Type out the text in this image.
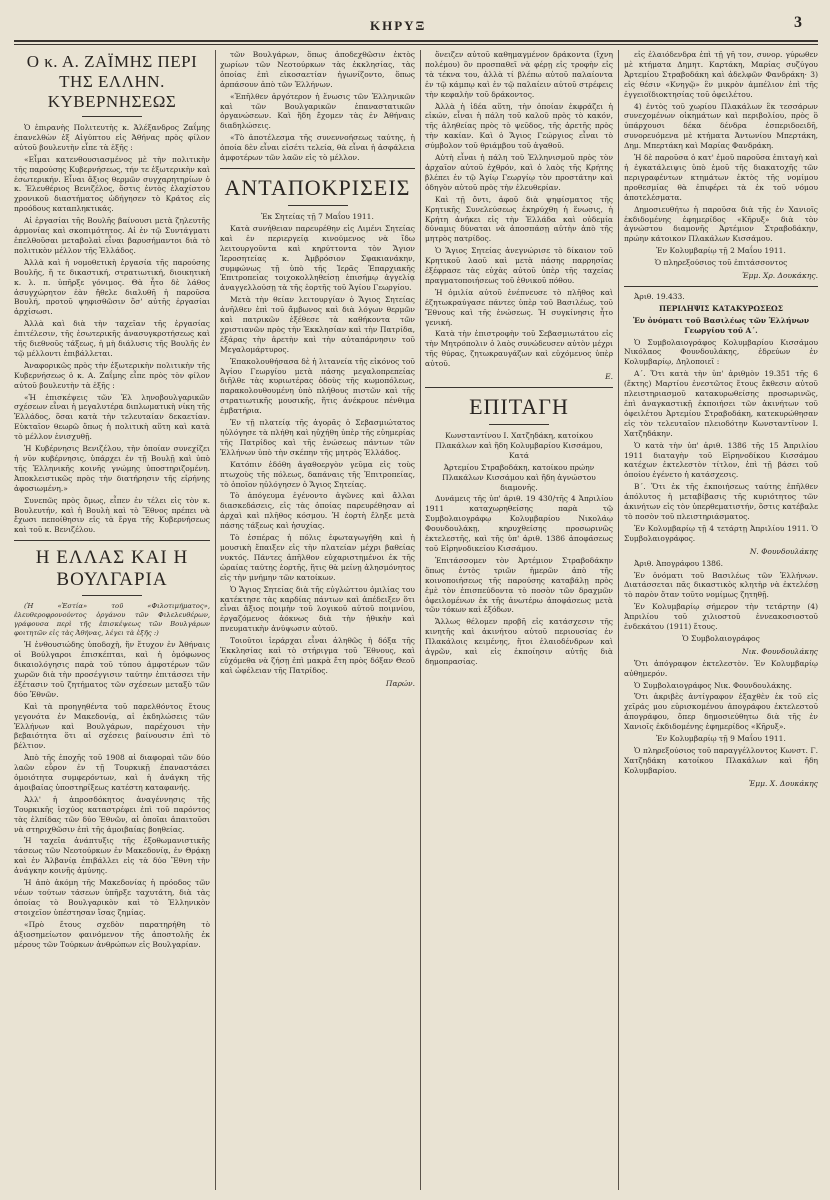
ΚΗΡΥΞ	3
Ο κ. Α. ΖΑΪΜΗΣ ΠΕΡΙ ΤΗΣ ΕΛΛΗΝ. ΚΥΒΕΡΝΗΣΕΩΣ

Ὁ ἐπιρανὴς Πολιτευτὴς κ. Ἀλέξανδρος Ζαΐμης ἐπανελθὼν ἐξ Αἰγύπτου εἰς Ἀθήνας πρὸς φίλον αὐτοῦ βουλευτὴν εἶπε τὰ ἑξῆς :

«Εἶμαι κατενθουσιασμένος μὲ τὴν πολιτικὴν τῆς παρούσης Κυβερνήσεως, τήν τε ἐξωτερικὴν καὶ ἐσωτερικήν. Εἶναι ἄξιος θερμῶν συγχαρητηρίων ὁ κ. Ἐλευθέριος Βενιζέλος, ὅστις ἐντὸς ἐλαχίστου χρονικοῦ διαστήματος ὡδήγησεν τὸ Κράτος εἰς προόδους καταπληκτικάς.

Αἱ ἐργασίαι τῆς Βουλῆς βαίνουσι μετὰ ζηλευτῆς ἁρμονίας καὶ σκοπιμότητος. Αἱ ἐν τῷ Συντάγματι ἐπελθοῦσαι μεταβολαὶ εἶναι βαρυσήμαντοι διὰ τὸ πολιτικὸν μέλλον τῆς Ἑλλάδος.

Ἀλλὰ καὶ ἡ νομοθετικὴ ἐργασία τῆς παρούσης Βουλῆς, ἥ τε δικαστική, στρατιωτική, διοικητικὴ κ. λ. π. ὑπῆρξε γόνιμος. Θὰ ἦτο δὲ λάθος ἀσυγχώρητον ἐὰν ἤθελε διαλυθῆ ἡ παροῦσα Βουλή, προτοῦ ψηφισθῶσιν ὅσ' αὐτῆς ἐργασίαι ἀρχίσωσι.

Ἀλλὰ καὶ διὰ τὴν ταχεῖαν τῆς ἐργασίας ἐπιτέλεσιν, τῆς ἐσωτερικῆς ἀνασυγκροτήσεως καὶ τῆς διεθνοῦς τάξεως, ἡ μὴ διάλυσις τῆς Βουλῆς ἐν τῷ μέλλοντι ἐπιβάλλεται.

Ἀναφορικῶς πρὸς τὴν ἐξωτερικὴν πολιτικὴν τῆς Κυβερνήσεως ὁ κ. Α. Ζαΐμης εἶπε πρὸς τὸν φίλον αὐτοῦ βουλευτὴν τὰ ἑξῆς :

«Ἡ ἐπισκέψεις τῶν Ἑλ ληνοβουλγαρικῶν σχέσεων εἶναι ἡ μεγαλυτέρα διπλωματικὴ νίκη τῆς Ἑλλάδος, ὅσαι κατὰ τὴν τελευταίαν δεκαετίαν. Εὐκταῖον θεωρῶ ὅπως ἡ πολιτικὴ αὕτη καὶ κατὰ τὸ μέλλον ἐνισχυθῇ.

Ἡ Κυβέρνησις Βενιζέλου, τὴν ὁποίαν συνεχίζει ἡ νῦν κυβέρνησις, ὑπάρχει ἐν τῇ Βουλῇ καὶ ὑπὸ τῆς Ἐλληνικῆς κοινῆς γνώμης ὑποστηριζομένη. Ἀποκλειστικῶς πρὸς τὴν διατήρησιν τῆς εἰρήνης ἀφοσιωμένη.»

Συνεπῶς πρὸς ὅμως, εἶπεν ἐν τέλει εἰς τὸν κ. Βουλευτήν, καὶ ἡ Βουλὴ καὶ τὸ Ἔθνος πρέπει νὰ ἔχωσι πεποίθησιν εἰς τὰ ἔργα τῆς Κυβερνήσεως καὶ τοῦ κ. Βενιζέλου.

Η ΕΛΛΑΣ ΚΑΙ Η ΒΟΥΛΓΑΡΙΑ

(Ἡ «Ἑστία» τοῦ «Φιλοτιμήματος», ἐλευθεροφρονούντος ὀργάνου τῶν Φιλελευθέρων, γράφουσα περὶ τῆς ἐπισκέψεως τῶν Βουλγάρων φοιτητῶν εἰς τὰς Ἀθήνας, λέγει τὰ ἑξῆς :)

Ἡ ἐνθουσιώδης ὑποδοχὴ, ἥν ἔτυχον ἐν Ἀθήναις οἱ Βούλγαροι ἐπισκέπται, καὶ ἡ ὁμόφωνος δικαιολόγησις παρὰ τοῦ τύπου ἀμφοτέρων τῶν χωρῶν διὰ τὴν προσέγγισιν ταύτην ἐπιτάσσει τὴν ἐξέτασιν τοῦ ζητήματος τῶν σχέσεων μεταξὺ τῶν δύο Ἐθνῶν.

Καὶ τὰ προηγηθέντα τοῦ παρελθόντος ἔτους γεγονότα ἐν Μακεδονίᾳ, αἱ ἐκδηλώσεις τῶν Ἑλλήνων καὶ Βουλγάρων, παρέχουσι τὴν βεβαιότητα ὅτι αἱ σχέσεις βαίνουσιν ἐπὶ τὸ βέλτιον.

Ἀπὸ τῆς ἐποχῆς τοῦ 1908 αἱ διαφοραὶ τῶν δύο λαῶν εὗρον ἐν τῇ Τουρκικῇ ἐπαναστάσει ὁμοιότητα συμφερόντων, καὶ ἡ ἀνάγκη τῆς ἀμοιβαίας ὑποστηρίξεως κατέστη καταφανής.

Ἀλλ' ἡ ἀπροσδόκητος ἀναγέννησις τῆς Τουρκικῆς ἰσχύος καταστρέφει ἐπὶ τοῦ παρόντος τὰς ἐλπίδας τῶν δύο Ἐθνῶν, αἱ ὁποῖαι ἀπαιτοῦσι νὰ στηριχθῶσιν ἐπὶ τῆς ἀμοιβαίας βοηθείας.

Ἡ ταχεῖα ἀνάπτυξις τῆς ἐξοθωμανιστικῆς τάσεως τῶν Νεοτούρκων ἐν Μακεδονίᾳ, ἐν Θρᾴκῃ καὶ ἐν Ἀλβανίᾳ ἐπιβάλλει εἰς τὰ δύο Ἔθνη τὴν ἀνάγκην κοινῆς ἀμύνης.

Ἡ ἀπὸ ἀκόμη τῆς Μακεδονίας ἡ πρόοδος τῶν νέων τούτων τάσεων ὑπῆρξε ταχυτάτη, διὰ τὰς ὁποίας τὸ Βουλγαρικὸν καὶ τὸ Ἑλληνικὸν στοιχεῖον ὑπέστησαν ἴσας ζημίας.

«Πρὸ ἔτους σχεδὸν παρατηρήθη τὸ ἀξιοσημείωτον φαινόμενον τῆς ἀποστολῆς ἐκ μέρους τῶν Τούρκων ἀνθρώπων εἰς Βουλγαρίαν.

τῶν Βουλγάρων, ὅπως ἀποδεχθῶσιν ἐκτὸς χωρίων τῶν Νεοτούρκων τὰς ἐκκλησίας, τὰς ὁποίας ἐπὶ εἰκοσαετίαν ἠγωνίζοντο, ὅπως ἁρπάσουν ἀπὸ τῶν Ἑλλήνων.

«Ἐπῆλθεν ἀργότερον ἡ ἕνωσις τῶν Ἑλληνικῶν καὶ τῶν Βουλγαρικῶν ἐπαναστατικῶν ὀργανώσεων. Καὶ ἤδη ἔχομεν τὰς ἐν Ἀθήναις διαδηλώσεις.

«Τὸ ἀποτέλεσμα τῆς συνεννοήσεως ταύτης, ἡ ὁποία δὲν εἶναι εἰσέτι τελεία, θὰ εἶναι ἡ ἀσφάλεια ἀμφοτέρων τῶν λαῶν εἰς τὸ μέλλον.

ΑΝΤΑΠΟΚΡΙΣΕΙΣ

Ἐκ Σητείας τῇ 7 Μαΐου 1911.

Κατὰ συνήθειαν παρευρέθην εἰς Λιμένι Σητείας καὶ ἐν περιεργείᾳ κινούμενος νὰ ἴδω λειτουργοῦντα καὶ κηρύττοντα τὸν Ἅγιον Ἱεροσητείας κ. Ἀμβρόσιον Σφακιανάκην, συμφώνως τῇ ὑπὸ τῆς Ἱερᾶς Ἐπαρχιακῆς Ἐπιτροπείας τοιχοκολληθείσῃ ἐπισήμῳ ἀγγελίᾳ ἀναγγελλούσῃ τὰ τῆς ἑορτῆς τοῦ Ἁγίου Γεωργίου.

Μετὰ τὴν θείαν λειτουργίαν ὁ Ἅγιος Σητείας ἀνῆλθεν ἐπὶ τοῦ ἄμβωνος καὶ διὰ λόγων θερμῶν καὶ πατρικῶν ἐξέθεσε τὰ καθήκοντα τῶν χριστιανῶν πρὸς τὴν Ἐκκλησίαν καὶ τὴν Πατρίδα, ἐξάρας τὴν ἀρετὴν καὶ τὴν αὐταπάρνησιν τοῦ Μεγαλομάρτυρος.

Ἐπακολουθήσασα δὲ ἡ λιτανεία τῆς εἰκόνος τοῦ Ἁγίου Γεωργίου μετὰ πάσης μεγαλοπρεπείας διῆλθε τὰς κυριωτέρας ὁδοὺς τῆς κωμοπόλεως, παρακολουθουμένη ὑπὸ πλήθους πιστῶν καὶ τῆς στρατιωτικῆς μουσικῆς, ἥτις ἀνέκρουε πένθιμα ἐμβατήρια.

Ἐν τῇ πλατείᾳ τῆς ἀγορᾶς ὁ Σεβασμιώτατος ηὐλόγησε τὰ πλήθη καὶ ηὐχήθη ὑπὲρ τῆς εὐημερίας τῆς Πατρίδος καὶ τῆς ἑνώσεως πάντων τῶν Ἑλλήνων ὑπὸ τὴν σκέπην τῆς μητρὸς Ἑλλάδος.

Κατόπιν ἐδόθη ἀγαθοεργὸν γεῦμα εἰς τοὺς πτωχοὺς τῆς πόλεως, δαπάναις τῆς Ἐπιτροπείας, τὸ ὁποῖον ηὐλόγησεν ὁ Ἅγιος Σητείας.

Τὸ ἀπόγευμα ἐγένοντο ἀγῶνες καὶ ἄλλαι διασκεδάσεις, εἰς τὰς ὁποίας παρευρέθησαν αἱ ἀρχαὶ καὶ πλῆθος κόσμου. Ἡ ἑορτὴ ἔληξε μετὰ πάσης τάξεως καὶ ἡσυχίας.

Τὸ ἑσπέρας ἡ πόλις ἐφωταγωγήθη καὶ ἡ μουσικὴ ἔπαιξεν εἰς τὴν πλατείαν μέχρι βαθείας νυκτός. Πάντες ἀπῆλθον εὐχαριστημένοι ἐκ τῆς ὡραίας ταύτης ἑορτῆς, ἥτις θὰ μείνῃ ἀλησμόνητος εἰς τὴν μνήμην τῶν κατοίκων.

Ὁ Ἅγιος Σητείας διὰ τῆς εὐγλώττου ὁμιλίας του κατέκτησε τὰς καρδίας πάντων καὶ ἀπέδειξεν ὅτι εἶναι ἄξιος ποιμὴν τοῦ λογικοῦ αὐτοῦ ποιμνίου, ἐργαζόμενος ἀόκνως διὰ τὴν ἠθικὴν καὶ πνευματικὴν ἀνύψωσιν αὐτοῦ.

Τοιοῦτοι ἱεράρχαι εἶναι ἀληθῶς ἡ δόξα τῆς Ἐκκλησίας καὶ τὸ στήριγμα τοῦ Ἔθνους, καὶ εὐχόμεθα νὰ ζήσῃ ἐπὶ μακρὰ ἔτη πρὸς δόξαν Θεοῦ καὶ ὠφέλειαν τῆς Πατρίδος.

Παρών.

ὅνειζεν αὐτοῦ καθημαγμένον δράκοντα (ἴχνη πολέμου) ὃν προσπαθεῖ νὰ φέρῃ εἰς τροφὴν εἰς τὰ τέκνα του, ἀλλὰ τί βλέπω αὐτοῦ παλαίοντα ἐν τῷ κάμπῳ καὶ ἐν τῷ παλαίειν αὐτοῦ στρέφεις τὴν κεφαλὴν τοῦ δράκοντος.

Ἀλλὰ ἡ ἰδέα αὕτη, τὴν ὁποίαν ἐκφράζει ἡ εἰκών, εἶναι ἡ πάλη τοῦ καλοῦ πρὸς τὸ κακόν, τῆς ἀληθείας πρὸς τὸ ψεῦδος, τῆς ἀρετῆς πρὸς τὴν κακίαν. Καὶ ὁ Ἅγιος Γεώργιος εἶναι τὸ σύμβολον τοῦ θριάμβου τοῦ ἀγαθοῦ.

Αὐτὴ εἶναι ἡ πάλη τοῦ Ἑλληνισμοῦ πρὸς τὸν ἀρχαῖον αὐτοῦ ἐχθρόν, καὶ ὁ λαὸς τῆς Κρήτης βλέπει ἐν τῷ Ἁγίῳ Γεωργίῳ τὸν προστάτην καὶ ὁδηγὸν αὐτοῦ πρὸς τὴν ἐλευθερίαν.

Καὶ τῇ ὄντι, ἀφοῦ διὰ ψηφίσματος τῆς Κρητικῆς Συνελεύσεως ἐκηρύχθη ἡ ἕνωσις, ἡ Κρήτη ἀνήκει εἰς τὴν Ἑλλάδα καὶ οὐδεμία δύναμις δύναται νὰ ἀποσπάσῃ αὐτὴν ἀπὸ τῆς μητρὸς πατρίδος.

Ὁ Ἅγιος Σητείας ἀνεγνώρισε τὸ δίκαιον τοῦ Κρητικοῦ λαοῦ καὶ μετὰ πάσης παρρησίας ἐξέφρασε τὰς εὐχὰς αὐτοῦ ὑπὲρ τῆς ταχείας πραγματοποιήσεως τοῦ ἐθνικοῦ πόθου.

Ἡ ὁμιλία αὐτοῦ ἐνέπνευσε τὸ πλῆθος καὶ ἐζητωκραύγασε πάντες ὑπὲρ τοῦ Βασιλέως, τοῦ Ἔθνους καὶ τῆς ἑνώσεως. Ἡ συγκίνησις ἦτο γενική.

Κατὰ τὴν ἐπιστροφὴν τοῦ Σεβασμιωτάτου εἰς τὴν Μητρόπολιν ὁ λαὸς συνώδευσεν αὐτὸν μέχρι τῆς θύρας, ζητωκραυγάζων καὶ εὐχόμενος ὑπὲρ αὐτοῦ.

Ε.

ΕΠΙΤΑΓΗ

Κωνσταντίνου Ι. Χατζηδάκη, κατοίκου Πλακάλων καὶ ἤδη Κολυμβαρίου Κισσάμου, Κατά

Ἀρτεμίου Στραβοδάκη, κατοίκου πρώην Πλακάλων Κισσάμου καὶ ἤδη ἀγνώστου διαμονῆς.

Δυνάμεις τῆς ὑπ' ἀριθ. 19 430/τῆς 4 Ἀπριλίου 1911 καταχωρηθείσης παρὰ τῷ Συμβολαιογράφῳ Κολυμβαρίου Νικολάῳ Φουνδουλάκῃ, κηρυχθείσης προσωρινῶς ἐκτελεστῆς, καὶ τῆς ὑπ' ἀριθ. 1386 ἀποφάσεως τοῦ Εἰρηνοδικείου Κισσάμου.

Ἐπιτάσσομεν τὸν Ἀρτέμιον Στραβοδάκην ὅπως ἐντὸς τριῶν ἡμερῶν ἀπὸ τῆς κοινοποιήσεως τῆς παρούσης καταβάλῃ πρὸς ἐμὲ τὸν ἐπισπεύδοντα τὸ ποσὸν τῶν δραχμῶν ὀφειλομένων ἐκ τῆς ἀνωτέρω ἀποφάσεως μετὰ τῶν τόκων καὶ ἐξόδων.

Ἄλλως θέλομεν προβῆ εἰς κατάσχεσιν τῆς κινητῆς καὶ ἀκινήτου αὐτοῦ περιουσίας ἐν Πλακάλοις κειμένης, ἥτοι ἐλαιοδένδρων καὶ ἀγρῶν, καὶ εἰς ἐκποίησιν αὐτῆς διὰ δημοπρασίας.

εἰς ἐλαιόδενδρα ἐπὶ τῇ γῆ τον, συνορ. γύρωθεν μὲ κτήματα Δημητ. Καρτάκη, Μαρίας συζύγου Ἀρτεμίου Στραβοδάκη καὶ ἀδελφῶν Φανδράκη· 3) εἰς θέσιν «Κνηγῷ» ἓν μικρὸν ἀμπέλιον ἐπὶ τῆς ἐγγειοϊδιοκτησίας τοῦ ὀφειλέτου.

4) ἐντὸς τοῦ χωρίου Πλακάλων ἓκ τεσσάρων συνεχομένων οἰκημάτων καὶ περιβολίου, πρὸς ὃ ὑπάρχουσι δέκα δένδρα ἐσπεριδοειδῆ, συνορευόμενα μὲ κτήματα Ἀντωνίου Μπερτάκη, Δημ. Μπερτάκη καὶ Μαρίας Φανδράκη.

Ἡ δὲ παροῦσα ὁ κατ' ἐμοῦ παροῦσα ἐπιταγὴ καὶ ἡ ἐγκατάλειψις ὑπὸ ἐμοῦ τῆς διακατοχῆς τῶν περιγραφέντων κτημάτων ἐκτὸς τῆς νομίμου προθεσμίας θὰ ἐπιφέρει τὰ ἐκ τοῦ νόμου ἀποτελέσματα.

Δημοσιευθήτω ἡ παροῦσα διὰ τῆς ἐν Χανιοῖς ἐκδιδομένης ἐφημερίδος «Κῆρυξ» διὰ τὸν ἀγνώστου διαμονῆς Ἀρτέμιον Στραβοδάκην, πρώην κάτοικον Πλακάλων Κισσάμου.

Ἐν Κολυμβαρίῳ τῇ 2 Μαΐου 1911.

Ὁ πληρεξούσιος τοῦ ἐπιτάσσοντος

Ἐμμ. Χρ. Δουκάκης.

Ἀριθ. 19.433.

ΠΕΡΙΛΗΨΙΣ ΚΑΤΑΚΥΡΩΣΕΩΣ

Ἐν ὀνόματι τοῦ Βασιλέως τῶν Ἑλλήνων Γεωργίου τοῦ Α΄.

Ὁ Συμβολαιογράφος Κολυμβαρίου Κισσάμου Νικόλαος Φουνδουλάκης, ἑδρεύων ἐν Κολυμβαρίῳ, Δηλοποιεῖ :

Α΄. Ὅτι κατὰ τὴν ὑπ' ἀριθμὸν 19.351 τῆς 6 (ἕκτης) Μαρτίου ἐνεστῶτος ἔτους ἔκθεσιν αὐτοῦ πλειστηριασμοῦ κατακυρωθείσης προσωρινῶς, ἐπὶ ἀναγκαστικῇ ἐκποιήσει τῶν ἀκινήτων τοῦ ὀφειλέτου Ἀρτεμίου Στραβοδάκη, κατεκυρώθησαν εἰς τὸν τελευταῖον πλειοδότην Κωνσταντῖνον Ι. Χατζηδάκην.

Ὁ κατὰ τὴν ὑπ' ἀριθ. 1386 τῆς 15 Ἀπριλίου 1911 διαταγὴν τοῦ Εἰρηνοδίκου Κισσάμου κατέχων ἐκτελεστὸν τίτλον, ἐπὶ τῇ βάσει τοῦ ὁποίου ἐγένετο ἡ κατάσχεσις.

Β΄. Ὅτι ἐκ τῆς ἐκποιήσεως ταύτης ἐπῆλθεν ἀπόλυτος ἡ μεταβίβασις τῆς κυριότητος τῶν ἀκινήτων εἰς τὸν ὑπερθεματιστήν, ὅστις κατέβαλε τὸ ποσὸν τοῦ πλειστηριάσματος.

Ἐν Κολυμβαρίῳ τῇ 4 τετάρτῃ Ἀπριλίου 1911. Ὁ Συμβολαιογράφος.

Ν. Φουνδουλάκης

Ἀριθ. Ἀπογράφου 1386.

Ἐν ὀνόματι τοῦ Βασιλέως τῶν Ἑλλήνων. Διατάσσεται πᾶς δικαστικὸς κλητὴρ νὰ ἐκτελέσῃ τὸ παρὸν ὅταν τοῦτο νομίμως ζητηθῇ.

Ἐν Κολυμβαρίῳ σήμερον τὴν τετάρτην (4) Ἀπριλίου τοῦ χιλιοστοῦ ἐννεακοσιοστοῦ ἑνδεκάτου (1911) ἔτους.

Ὁ Συμβολαιογράφος

Νικ. Φουνδουλάκης

Ὅτι ἀπόγραφον ἐκτελεστὸν. Ἐν Κολυμβαρίῳ αὐθημερόν.

Ὁ Συμβολαιογράφος Νικ. Φουνδουλάκης.

Ὅτι ἀκριβὲς ἀντίγραφον ἐξαχθὲν ἐκ τοῦ εἰς χεῖράς μου εὑρισκομένου ἀπογράφου ἐκτελεστοῦ ἀπογράφου, ὅπερ δημοσιεύθητω διὰ τῆς ἐν Χανιοῖς ἐκδιδομένης ἐφημερίδος «Κῆρυξ».

Ἐν Κολυμβαρίῳ τῇ 9 Μαΐου 1911.

Ὁ πληρεξούσιος τοῦ παραγγέλλοντος Κωνστ. Γ. Χατζηδάκη κατοίκου Πλακάλων καὶ ἤδη Κολυμβαρίου.

Ἐμμ. Χ. Δουκάκης
